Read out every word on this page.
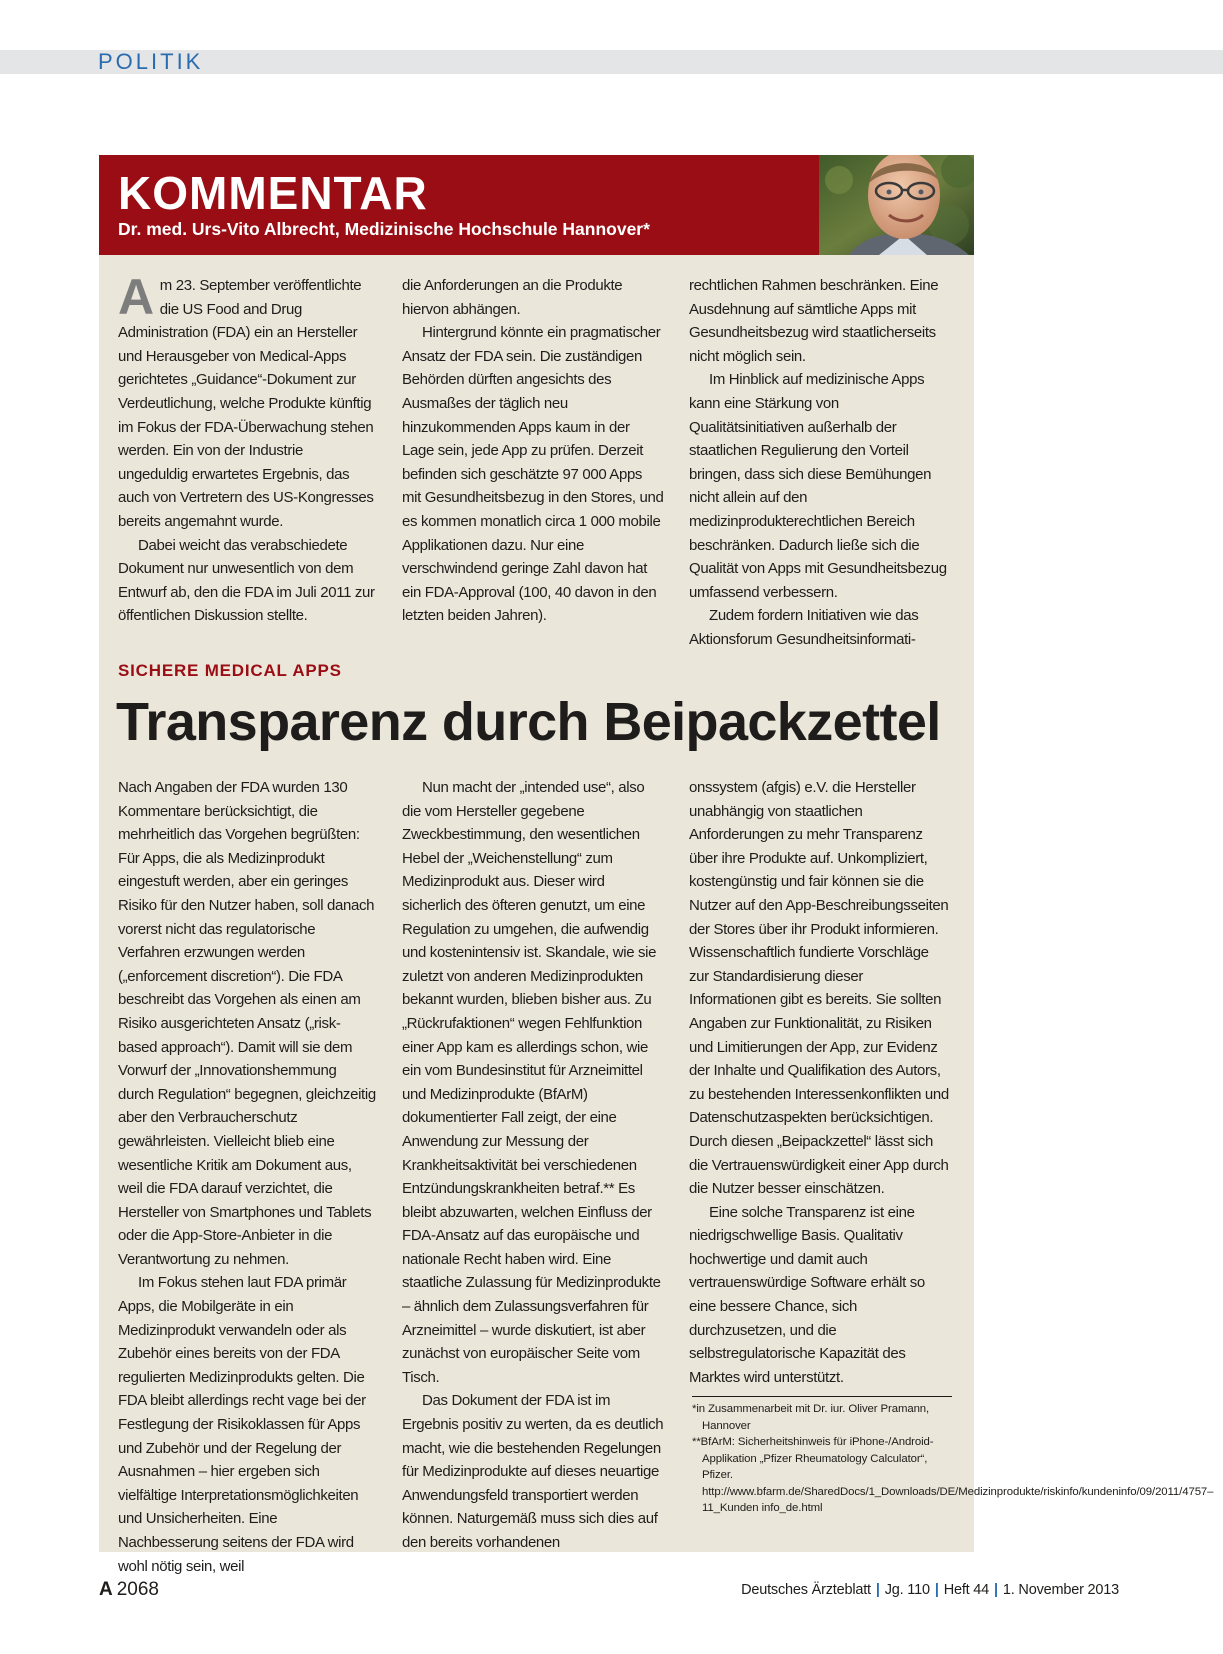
POLITIK
KOMMENTAR
Dr. med. Urs-Vito Albrecht, Medizinische Hochschule Hannover*
A m 23. September veröffentlichte die US Food and Drug Administration (FDA) ein an Hersteller und Herausgeber von Medical-Apps gerichtetes „Guidance“-Dokument zur Verdeutlichung, welche Produkte künftig im Fokus der FDA-Überwachung stehen werden. Ein von der Industrie ungeduldig erwartetes Ergebnis, das auch von Vertretern des US-Kongresses bereits angemahnt wurde.

Dabei weicht das verabschiedete Dokument nur unwesentlich von dem Entwurf ab, den die FDA im Juli 2011 zur öffentlichen Diskussion stellte.

die Anforderungen an die Produkte hiervon abhängen.

Hintergrund könnte ein pragmatischer Ansatz der FDA sein. Die zuständigen Behörden dürften angesichts des Ausmaßes der täglich neu hinzukommenden Apps kaum in der Lage sein, jede App zu prüfen. Derzeit befinden sich geschätzte 97 000 Apps mit Gesundheitsbezug in den Stores, und es kommen monatlich circa 1 000 mobile Applikationen dazu. Nur eine verschwindend geringe Zahl davon hat ein FDA-Approval (100, 40 davon in den letzten beiden Jahren).

rechtlichen Rahmen beschränken. Eine Ausdehnung auf sämtliche Apps mit Gesundheitsbezug wird staatlicherseits nicht möglich sein.

Im Hinblick auf medizinische Apps kann eine Stärkung von Qualitätsinitiativen außerhalb der staatlichen Regulierung den Vorteil bringen, dass sich diese Bemühungen nicht allein auf den medizinprodukterechtlichen Bereich beschränken. Dadurch ließe sich die Qualität von Apps mit Gesundheitsbezug umfassend verbessern.

Zudem fordern Initiativen wie das Aktionsforum Gesundheitsinformati-

SICHERE MEDICAL APPS
Transparenz durch Beipackzettel

Nach Angaben der FDA wurden 130 Kommentare berücksichtigt, die mehrheitlich das Vorgehen begrüßten: Für Apps, die als Medizinprodukt eingestuft werden, aber ein geringes Risiko für den Nutzer haben, soll danach vorerst nicht das regulatorische Verfahren erzwungen werden („enforcement discretion“). Die FDA beschreibt das Vorgehen als einen am Risiko ausgerichteten Ansatz („risk-based approach“). Damit will sie dem Vorwurf der „Innovationshemmung durch Regulation“ begegnen, gleichzeitig aber den Verbraucherschutz gewährleisten. Vielleicht blieb eine wesentliche Kritik am Dokument aus, weil die FDA darauf verzichtet, die Hersteller von Smartphones und Tablets oder die App-Store-Anbieter in die Verantwortung zu nehmen.

Im Fokus stehen laut FDA primär Apps, die Mobilgeräte in ein Medizinprodukt verwandeln oder als Zubehör eines bereits von der FDA regulierten Medizinprodukts gelten. Die FDA bleibt allerdings recht vage bei der Festlegung der Risikoklassen für Apps und Zubehör und der Regelung der Ausnahmen – hier ergeben sich vielfältige Interpretationsmöglichkeiten und Unsicherheiten. Eine Nachbesserung seitens der FDA wird wohl nötig sein, weil

Nun macht der „intended use“, also die vom Hersteller gegebene Zweckbestimmung, den wesentlichen Hebel der „Weichenstellung“ zum Medizinprodukt aus. Dieser wird sicherlich des öfteren genutzt, um eine Regulation zu umgehen, die aufwendig und kostenintensiv ist. Skandale, wie sie zuletzt von anderen Medizinprodukten bekannt wurden, blieben bisher aus. Zu „Rückrufaktionen“ wegen Fehlfunktion einer App kam es allerdings schon, wie ein vom Bundesinstitut für Arzneimittel und Medizinprodukte (BfArM) dokumentierter Fall zeigt, der eine Anwendung zur Messung der Krankheitsaktivität bei verschiedenen Entzündungskrankheiten betraf.** Es bleibt abzuwarten, welchen Einfluss der FDA-Ansatz auf das europäische und nationale Recht haben wird. Eine staatliche Zulassung für Medizinprodukte – ähnlich dem Zulassungsverfahren für Arzneimittel – wurde diskutiert, ist aber zunächst von europäischer Seite vom Tisch.

Das Dokument der FDA ist im Ergebnis positiv zu werten, da es deutlich macht, wie die bestehenden Regelungen für Medizinprodukte auf dieses neuartige Anwendungsfeld transportiert werden können. Naturgemäß muss sich dies auf den bereits vorhandenen

onssystem (afgis) e.V. die Hersteller unabhängig von staatlichen Anforderungen zu mehr Transparenz über ihre Produkte auf. Unkompliziert, kostengünstig und fair können sie die Nutzer auf den App-Beschreibungsseiten der Stores über ihr Produkt informieren. Wissenschaftlich fundierte Vorschläge zur Standardisierung dieser Informationen gibt es bereits. Sie sollten Angaben zur Funktionalität, zu Risiken und Limitierungen der App, zur Evidenz der Inhalte und Qualifikation des Autors, zu bestehenden Interessenkonflikten und Datenschutzaspekten berücksichtigen. Durch diesen „Beipackzettel“ lässt sich die Vertrauenswürdigkeit einer App durch die Nutzer besser einschätzen.

Eine solche Transparenz ist eine niedrigschwellige Basis. Qualitativ hochwertige und damit auch vertrauenswürdige Software erhält so eine bessere Chance, sich durchzusetzen, und die selbstregulatorische Kapazität des Marktes wird unterstützt.

*in Zusammenarbeit mit Dr. iur. Oliver Pramann, Hannover

**BfArM: Sicherheitshinweis für iPhone-/Android-Applikation „Pfizer Rheumatology Calculator“, Pfizer. http://www.bfarm.de/SharedDocs/1_Downloads/DE/Medizinprodukte/riskinfo/kundeninfo/09/2011/4757–11_Kunden info_de.html

A 2068	Deutsches Ärzteblatt | Jg. 110 | Heft 44 | 1. November 2013
